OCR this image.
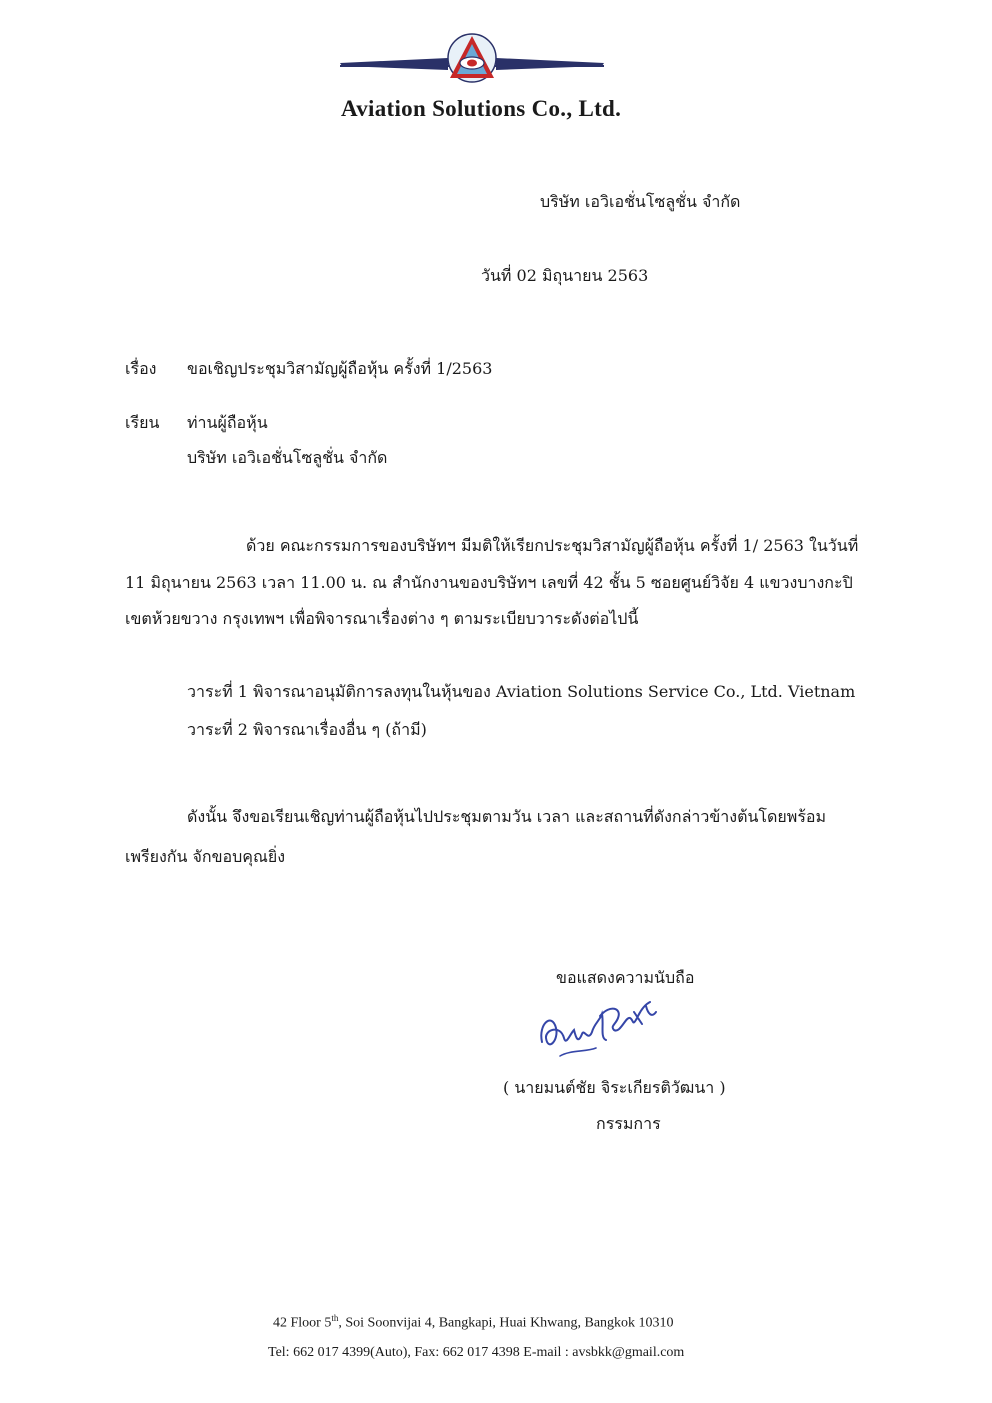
Aviation Solutions Co., Ltd.
บริษัท เอวิเอชั่นโซลูชั่น จำกัด
วันที่ 02 มิถุนายน 2563
เรื่อง ขอเชิญประชุมวิสามัญผู้ถือหุ้น ครั้งที่ 1/2563
เรียน ท่านผู้ถือหุ้น
บริษัท เอวิเอชั่นโซลูชั่น จำกัด
ด้วย คณะกรรมการของบริษัทฯ มีมติให้เรียกประชุมวิสามัญผู้ถือหุ้น ครั้งที่ 1/ 2563 ในวันที่
11 มิถุนายน 2563 เวลา 11.00 น. ณ สำนักงานของบริษัทฯ เลขที่ 42 ชั้น 5 ซอยศูนย์วิจัย 4 แขวงบางกะปิ
เขตห้วยขวาง กรุงเทพฯ เพื่อพิจารณาเรื่องต่าง ๆ ตามระเบียบวาระดังต่อไปนี้
วาระที่ 1 พิจารณาอนุมัติการลงทุนในหุ้นของ Aviation Solutions Service Co., Ltd. Vietnam
วาระที่ 2 พิจารณาเรื่องอื่น ๆ (ถ้ามี)
ดังนั้น จึงขอเรียนเชิญท่านผู้ถือหุ้นไปประชุมตามวัน เวลา และสถานที่ดังกล่าวข้างต้นโดยพร้อม
เพรียงกัน จักขอบคุณยิ่ง
ขอแสดงความนับถือ
( นายมนต์ชัย จิระเกียรติวัฒนา )
กรรมการ
42 Floor 5th, Soi Soonvijai 4, Bangkapi, Huai Khwang, Bangkok 10310
Tel: 662 017 4399(Auto), Fax: 662 017 4398 E-mail : avsbkk@gmail.com
